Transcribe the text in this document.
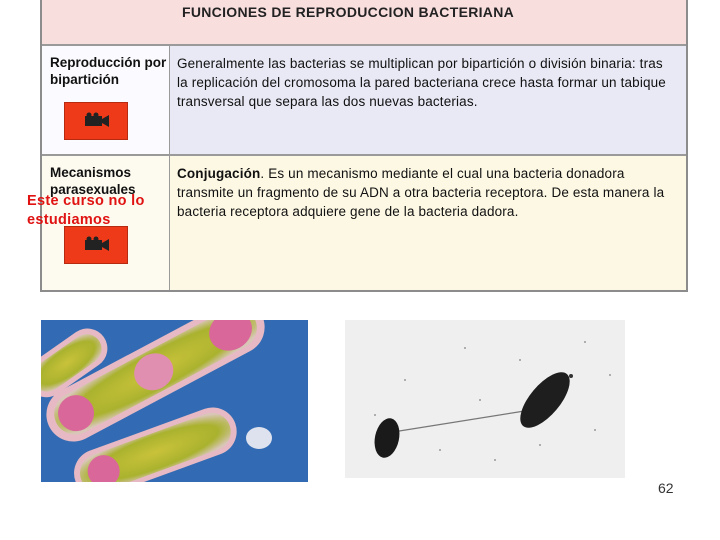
FUNCIONES DE REPRODUCCION BACTERIANA
Reproducción por bipartición
Generalmente las bacterias se multiplican por bipartición o división binaria: tras la replicación del cromosoma la pared bacteriana crece hasta formar un tabique transversal que separa las dos nuevas bacterias.
Mecanismos parasexuales
Conjugación. Es un mecanismo mediante el cual una bacteria donadora transmite un fragmento de su ADN a otra bacteria receptora. De esta manera la bacteria receptora adquiere gene de la bacteria dadora.
Este curso no lo estudiamos
62
